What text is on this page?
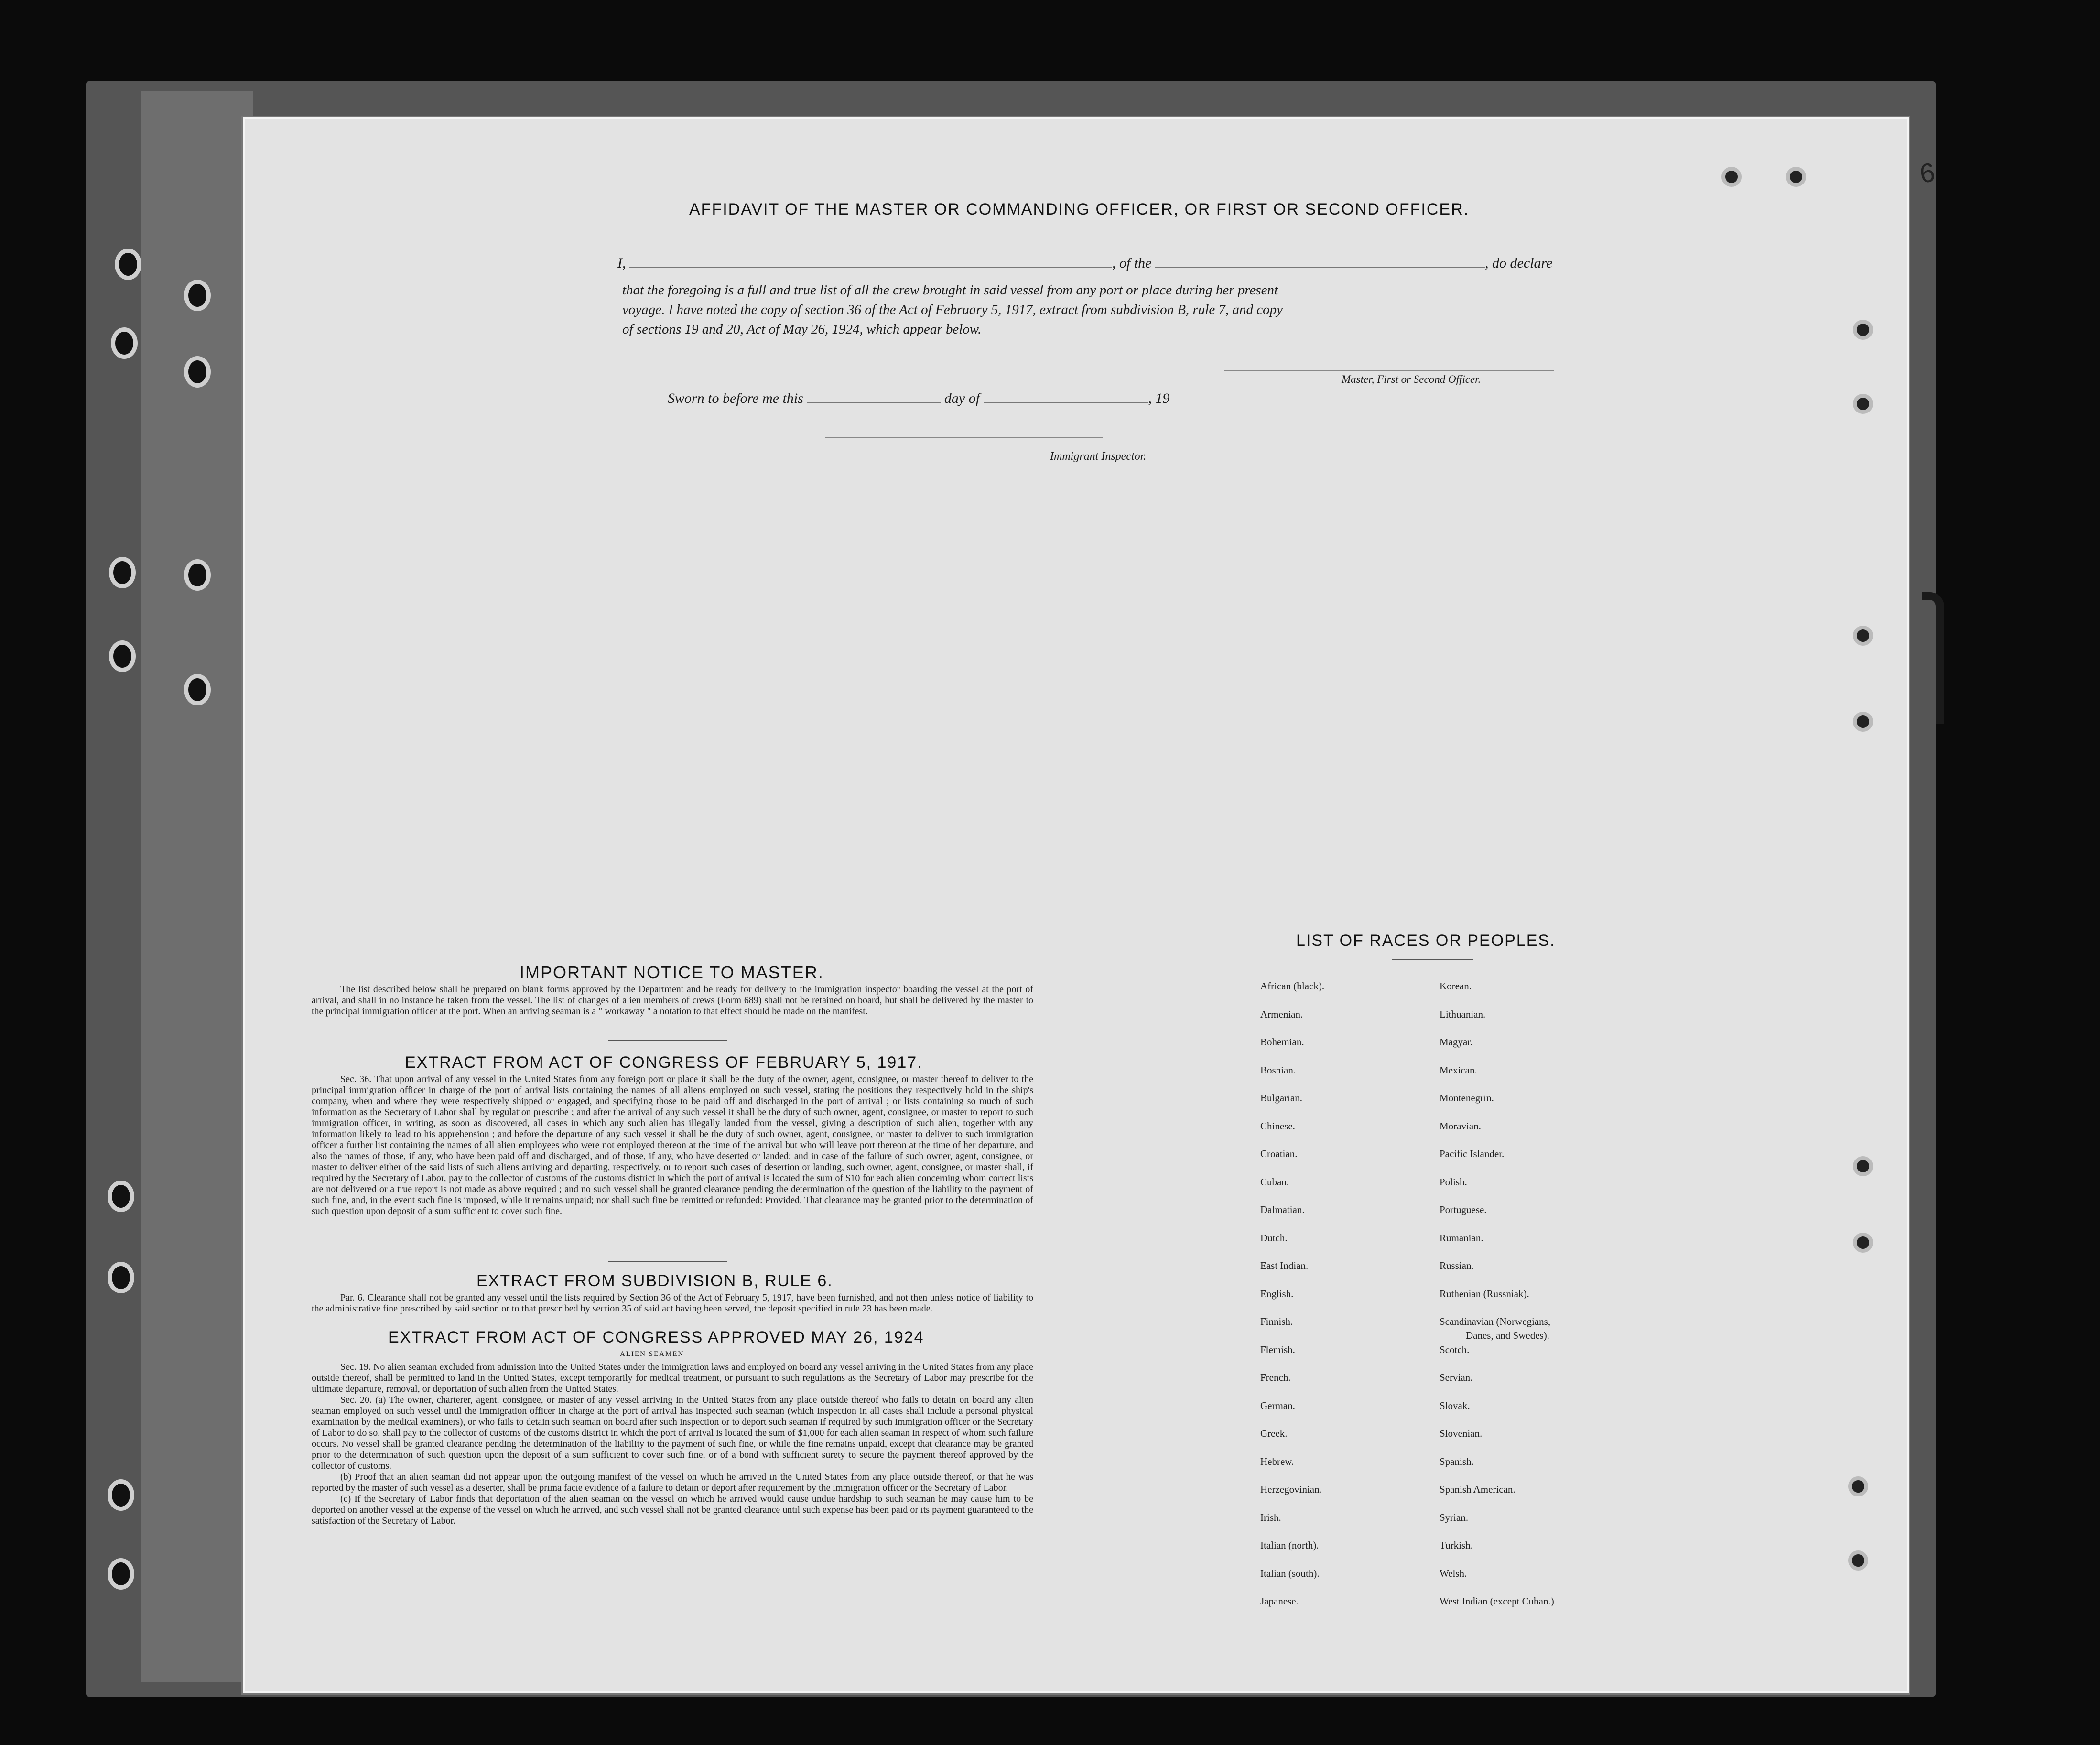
6
AFFIDAVIT OF THE MASTER OR COMMANDING OFFICER, OR FIRST OR SECOND OFFICER.
I,	, of the	, do declare
that the foregoing is a full and true list of all the crew brought in said vessel from any port or place during her present
voyage. I have noted the copy of section 36 of the Act of February 5, 1917, extract from subdivision B, rule 7, and copy
of sections 19 and 20, Act of May 26, 1924, which appear below.
Master, First or Second Officer.
Sworn to before me this	day of	, 19
Immigrant Inspector.
IMPORTANT NOTICE TO MASTER.
The list described below shall be prepared on blank forms approved by the Department and be ready for delivery to the immigration inspector boarding the vessel at the port of arrival, and shall in no instance be taken from the vessel. The list of changes of alien members of crews (Form 689) shall not be retained on board, but shall be delivered by the master to the principal immigration officer at the port. When an arriving seaman is a " workaway " a notation to that effect should be made on the manifest.
EXTRACT FROM ACT OF CONGRESS OF FEBRUARY 5, 1917.
Sec. 36. That upon arrival of any vessel in the United States from any foreign port or place it shall be the duty of the owner, agent, consignee, or master thereof to deliver to the principal immigration officer in charge of the port of arrival lists containing the names of all aliens employed on such vessel, stating the positions they respectively hold in the ship's company, when and where they were respectively shipped or engaged, and specifying those to be paid off and discharged in the port of arrival ; or lists containing so much of such information as the Secretary of Labor shall by regulation prescribe ; and after the arrival of any such vessel it shall be the duty of such owner, agent, consignee, or master to report to such immigration officer, in writing, as soon as discovered, all cases in which any such alien has illegally landed from the vessel, giving a description of such alien, together with any information likely to lead to his apprehension ; and before the departure of any such vessel it shall be the duty of such owner, agent, consignee, or master to deliver to such immigration officer a further list containing the names of all alien employees who were not employed thereon at the time of the arrival but who will leave port thereon at the time of her departure, and also the names of those, if any, who have been paid off and discharged, and of those, if any, who have deserted or landed; and in case of the failure of such owner, agent, consignee, or master to deliver either of the said lists of such aliens arriving and departing, respectively, or to report such cases of desertion or landing, such owner, agent, consignee, or master shall, if required by the Secretary of Labor, pay to the collector of customs of the customs district in which the port of arrival is located the sum of $10 for each alien concerning whom correct lists are not delivered or a true report is not made as above required ; and no such vessel shall be granted clearance pending the determination of the question of the liability to the payment of such fine, and, in the event such fine is imposed, while it remains unpaid; nor shall such fine be remitted or refunded: Provided, That clearance may be granted prior to the determination of such question upon deposit of a sum sufficient to cover such fine.
EXTRACT FROM SUBDIVISION B, RULE 6.
Par. 6. Clearance shall not be granted any vessel until the lists required by Section 36 of the Act of February 5, 1917, have been furnished, and not then unless notice of liability to the administrative fine prescribed by said section or to that prescribed by section 35 of said act having been served, the deposit specified in rule 23 has been made.
EXTRACT FROM ACT OF CONGRESS APPROVED MAY 26, 1924
ALIEN SEAMEN
Sec. 19. No alien seaman excluded from admission into the United States under the immigration laws and employed on board any vessel arriving in the United States from any place outside thereof, shall be permitted to land in the United States, except temporarily for medical treatment, or pursuant to such regulations as the Secretary of Labor may prescribe for the ultimate departure, removal, or deportation of such alien from the United States.
Sec. 20. (a) The owner, charterer, agent, consignee, or master of any vessel arriving in the United States from any place outside thereof who fails to detain on board any alien seaman employed on such vessel until the immigration officer in charge at the port of arrival has inspected such seaman (which inspection in all cases shall include a personal physical examination by the medical examiners), or who fails to detain such seaman on board after such inspection or to deport such seaman if required by such immigration officer or the Secretary of Labor to do so, shall pay to the collector of customs of the customs district in which the port of arrival is located the sum of $1,000 for each alien seaman in respect of whom such failure occurs. No vessel shall be granted clearance pending the determination of the liability to the payment of such fine, or while the fine remains unpaid, except that clearance may be granted prior to the determination of such question upon the deposit of a sum sufficient to cover such fine, or of a bond with sufficient surety to secure the payment thereof approved by the collector of customs.
(b) Proof that an alien seaman did not appear upon the outgoing manifest of the vessel on which he arrived in the United States from any place outside thereof, or that he was reported by the master of such vessel as a deserter, shall be prima facie evidence of a failure to detain or deport after requirement by the immigration officer or the Secretary of Labor.
(c) If the Secretary of Labor finds that deportation of the alien seaman on the vessel on which he arrived would cause undue hardship to such seaman he may cause him to be deported on another vessel at the expense of the vessel on which he arrived, and such vessel shall not be granted clearance until such expense has been paid or its payment guaranteed to the satisfaction of the Secretary of Labor.
LIST OF RACES OR PEOPLES.
African (black).
Armenian.
Bohemian.
Bosnian.
Bulgarian.
Chinese.
Croatian.
Cuban.
Dalmatian.
Dutch.
East Indian.
English.
Finnish.
Flemish.
French.
German.
Greek.
Hebrew.
Herzegovinian.
Irish.
Italian (north).
Italian (south).
Japanese.
Korean.
Lithuanian.
Magyar.
Mexican.
Montenegrin.
Moravian.
Pacific Islander.
Polish.
Portuguese.
Rumanian.
Russian.
Ruthenian (Russniak).
Scandinavian (Norwegians,
Danes, and Swedes).
Scotch.
Servian.
Slovak.
Slovenian.
Spanish.
Spanish American.
Syrian.
Turkish.
Welsh.
West Indian (except Cuban.)
